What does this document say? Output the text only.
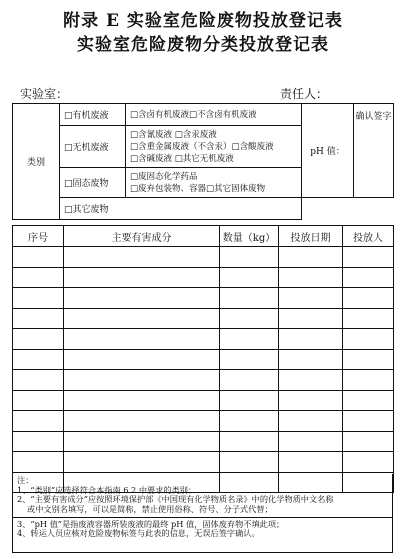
附录 E 实验室危险废物投放登记表
实验室危险废物分类投放登记表
实验室：	责任人：
类别	□有机废液	□含卤有机废液□不含卤有机废液	pH 值：	确认签字
	□无机废液	□含氰废液 □含汞废液
□含重金属废液（不含汞）□含酸废液
□含碱废液 □其它无机废液		

	□固态废物	□废固态化学药品
□废弃包装物、容器□其它固体废物		

	□其它废物			
序号	主要有害成分	数量（kg）	投放日期	投放人

注：
1、“类别”应选择符合本指南 6.2 中要求的类别；
2、“主要有害成分”应按照环境保护部《中国现有化学物质名录》中的化学物质中文名称
或中文别名填写，可以是简称，禁止使用俗称、符号、分子式代替；
3、“pH 值”是指废液容器所装废液的最终 pH 值，固体废弃物不填此项；
4、转运人员应核对危险废物标签与此表的信息，无误后签字确认。
